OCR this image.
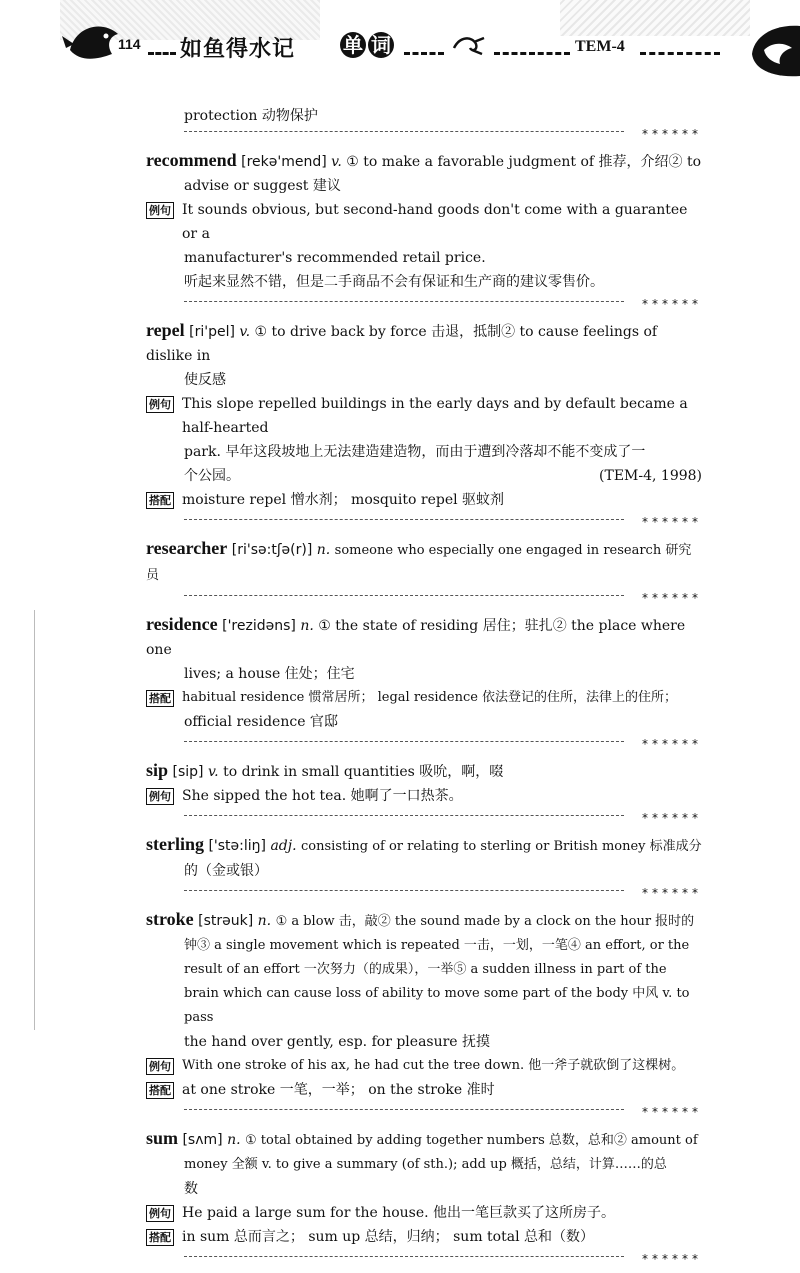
114 如鱼得水记 单 词	TEM-4
protection 动物保护
******
recommend [rekə'mend] v. ① to make a favorable judgment of 推荐，介绍② to
advise or suggest 建议
例句 It sounds obvious, but second-hand goods don't come with a guarantee or a
manufacturer's recommended retail price.
听起来显然不错，但是二手商品不会有保证和生产商的建议零售价。
******
repel [ri'pel] v. ① to drive back by force 击退，抵制② to cause feelings of dislike in
使反感
例句 This slope repelled buildings in the early days and by default became a half-hearted
park. 早年这段坡地上无法建造建造物，而由于遭到冷落却不能不变成了一
个公园。	(TEM-4, 1998)
搭配 moisture repel 憎水剂； mosquito repel 驱蚊剂
******
researcher [ri'sə:tʃə(r)] n. someone who especially one engaged in research 研究员
******
residence ['rezidəns] n. ① the state of residing 居住；驻扎② the place where one
lives; a house 住处；住宅
搭配 habitual residence 惯常居所； legal residence 依法登记的住所，法律上的住所；
official residence 官邸
******
sip [sip] v. to drink in small quantities 吸吮，啊，啜
例句 She sipped the hot tea. 她啊了一口热茶。
******
sterling ['stə:liŋ] adj. consisting of or relating to sterling or British money 标准成分
的（金或银）
******
stroke [strəuk] n. ① a blow 击，敲② the sound made by a clock on the hour 报时的
钟③ a single movement which is repeated 一击，一划，一笔④ an effort, or the
result of an effort 一次努力（的成果），一举⑤ a sudden illness in part of the
brain which can cause loss of ability to move some part of the body 中风 v. to pass
the hand over gently, esp. for pleasure 抚摸
例句 With one stroke of his ax, he had cut the tree down. 他一斧子就砍倒了这棵树。
搭配 at one stroke 一笔，一举； on the stroke 准时
******
sum [sʌm] n. ① total obtained by adding together numbers 总数，总和② amount of
money 全额 v. to give a summary (of sth.); add up 概括，总结，计算……的总
数
例句 He paid a large sum for the house. 他出一笔巨款买了这所房子。
搭配 in sum 总而言之； sum up 总结，归纳； sum total 总和（数）
******
